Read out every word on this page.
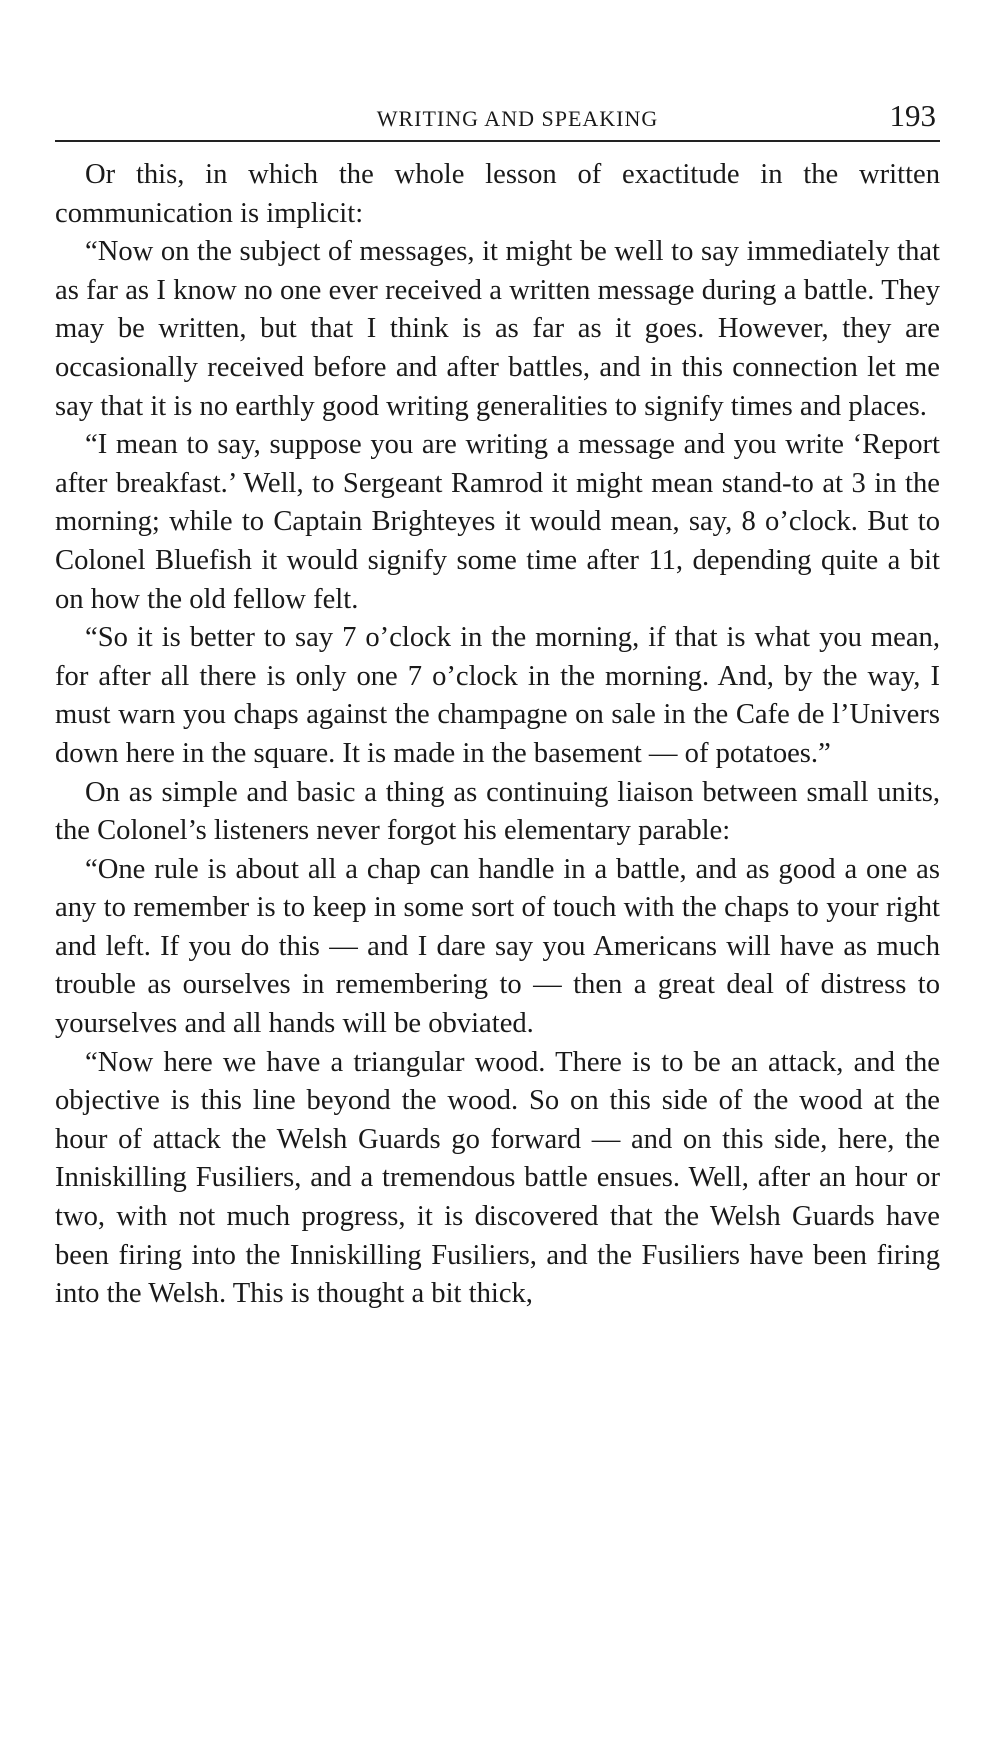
WRITING AND SPEAKING	193

Or this, in which the whole lesson of exactitude in the written communication is implicit:

“Now on the subject of messages, it might be well to say immediately that as far as I know no one ever received a written message during a battle. They may be written, but that I think is as far as it goes. However, they are occasionally received before and after battles, and in this connection let me say that it is no earthly good writing generalities to signify times and places.

“I mean to say, suppose you are writing a message and you write ‘Report after breakfast.’ Well, to Sergeant Ramrod it might mean stand-to at 3 in the morning; while to Captain Brighteyes it would mean, say, 8 o’clock. But to Colonel Bluefish it would signify some time after 11, depending quite a bit on how the old fellow felt.

“So it is better to say 7 o’clock in the morning, if that is what you mean, for after all there is only one 7 o’clock in the morning. And, by the way, I must warn you chaps against the champagne on sale in the Cafe de l’Univers down here in the square. It is made in the basement — of potatoes.”

On as simple and basic a thing as continuing liaison between small units, the Colonel’s listeners never forgot his elementary parable:

“One rule is about all a chap can handle in a battle, and as good a one as any to remember is to keep in some sort of touch with the chaps to your right and left. If you do this — and I dare say you Americans will have as much trouble as ourselves in remembering to — then a great deal of distress to yourselves and all hands will be obviated.

“Now here we have a triangular wood. There is to be an attack, and the objective is this line beyond the wood. So on this side of the wood at the hour of attack the Welsh Guards go forward — and on this side, here, the Inniskilling Fusiliers, and a tremendous battle ensues. Well, after an hour or two, with not much progress, it is discovered that the Welsh Guards have been firing into the Inniskilling Fusiliers, and the Fusiliers have been firing into the Welsh. This is thought a bit thick,
